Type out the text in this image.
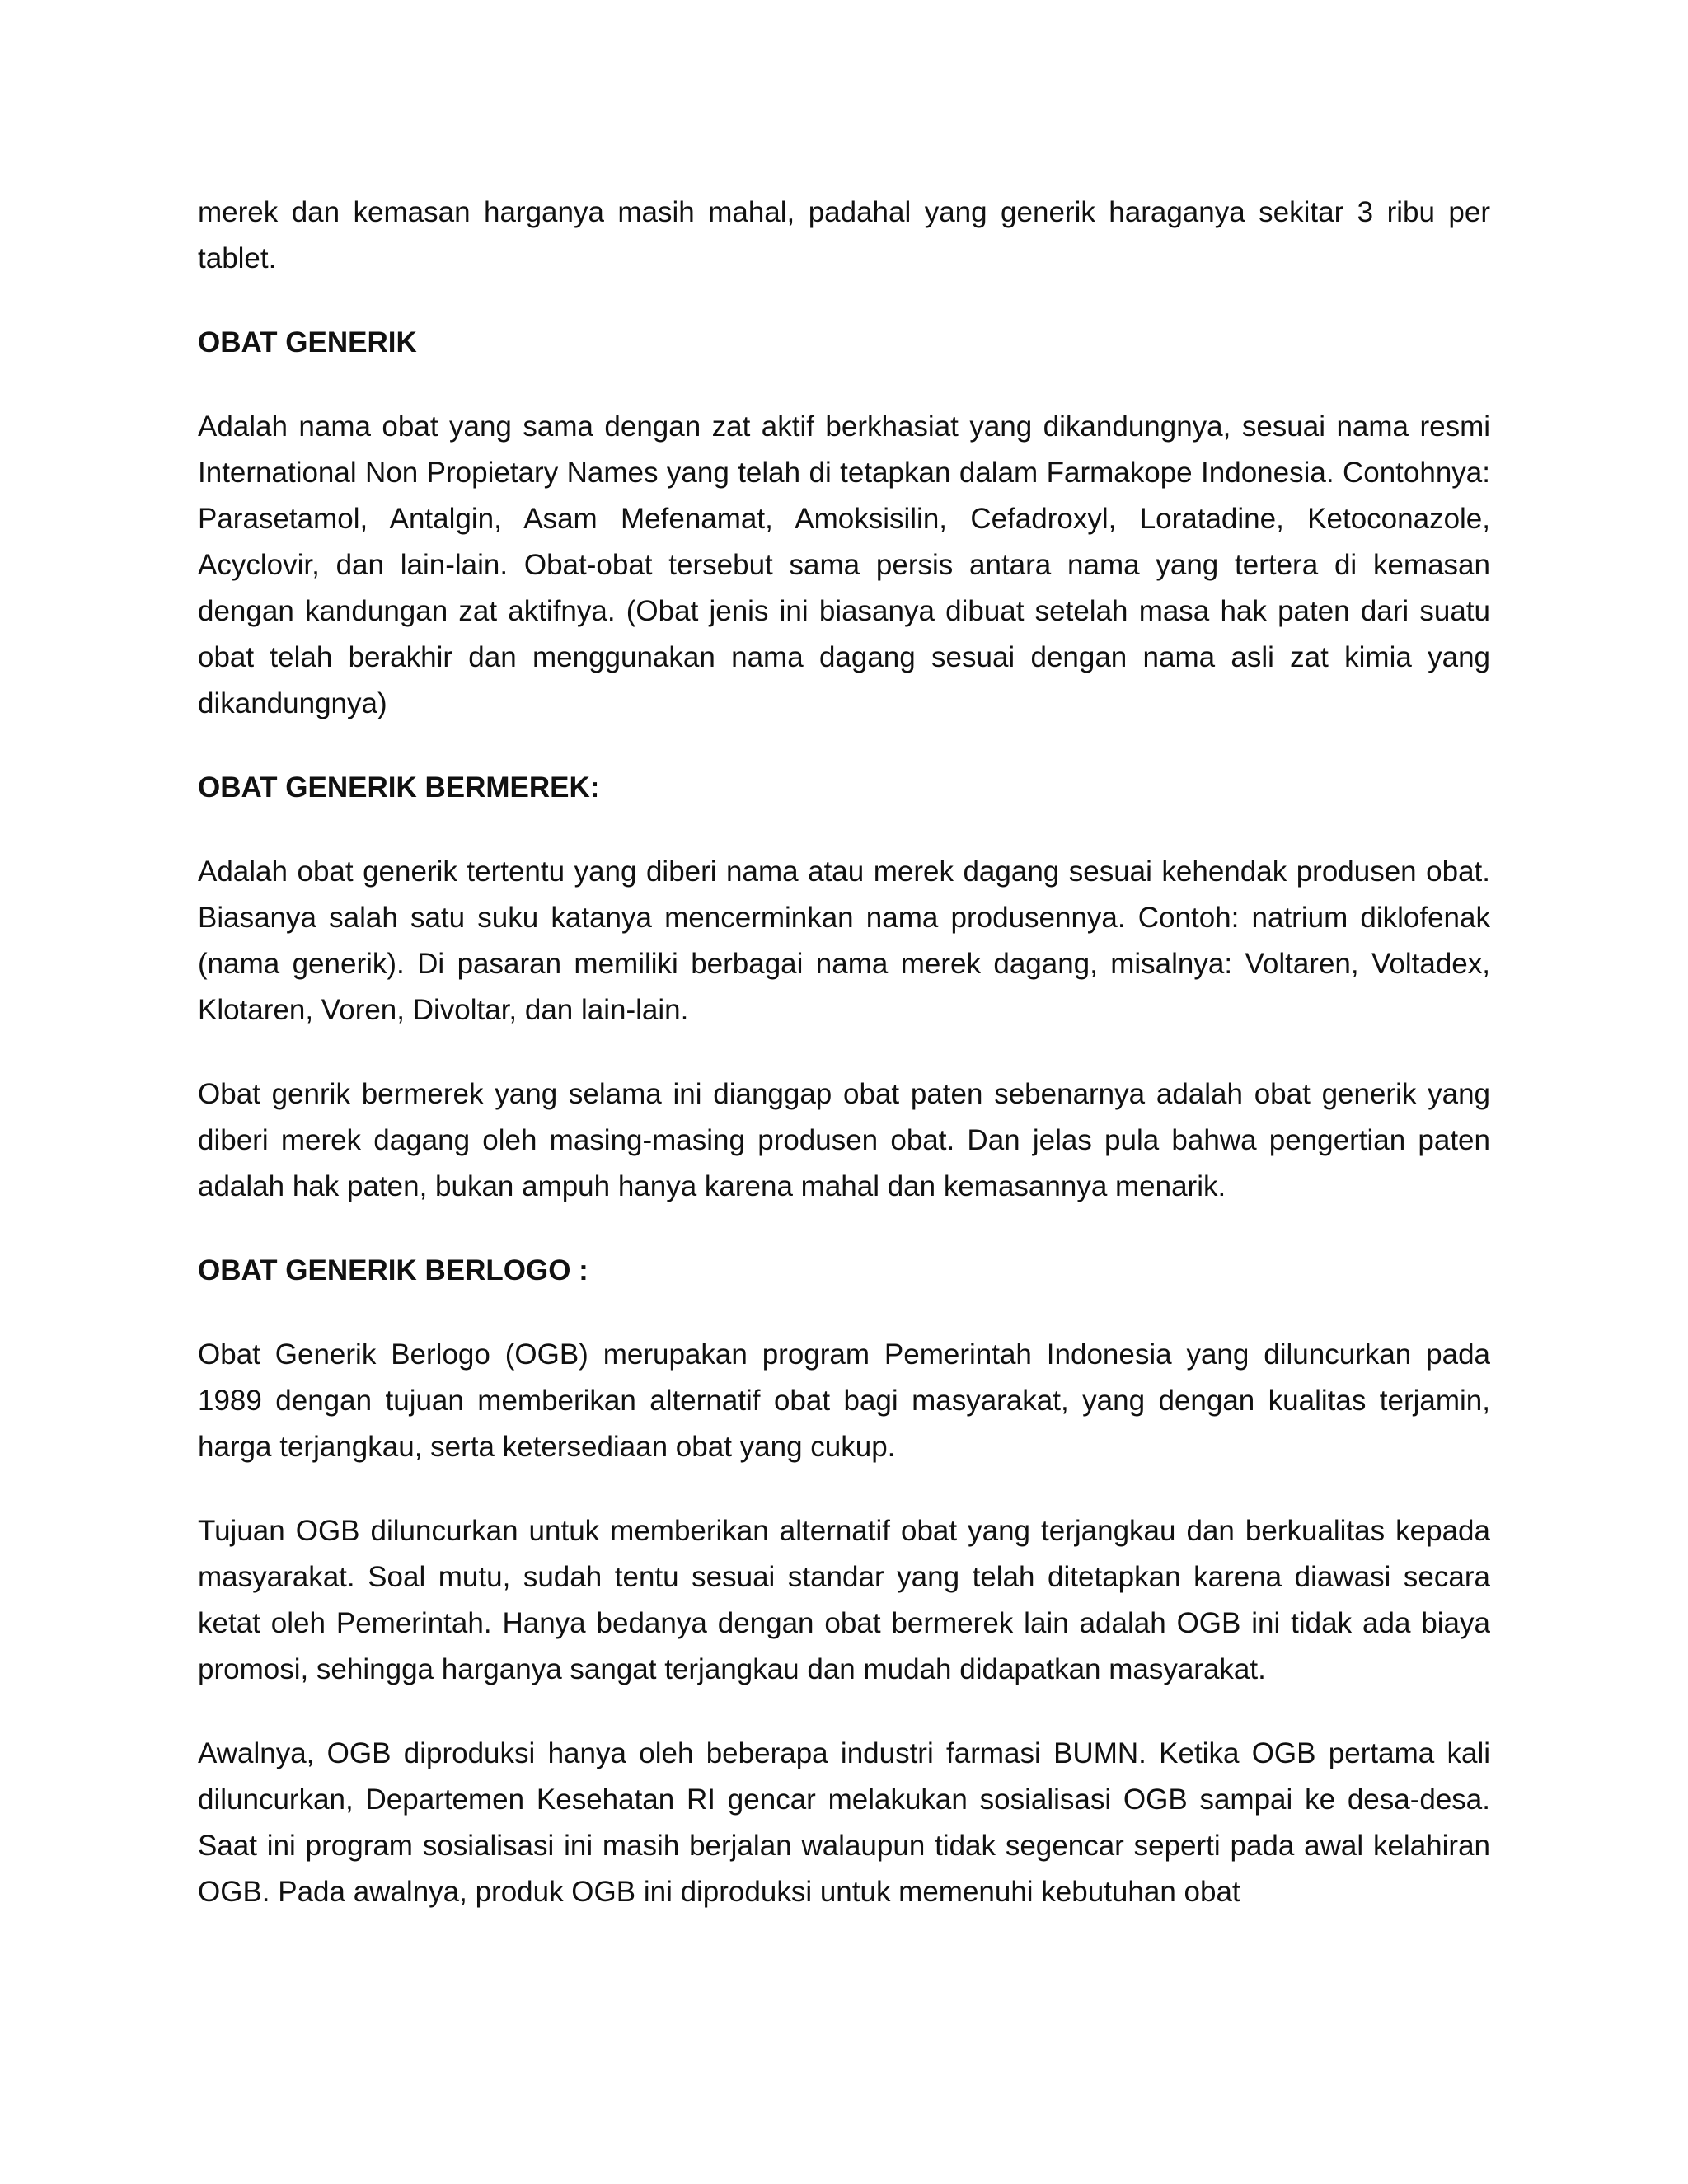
merek dan kemasan harganya masih mahal, padahal yang generik haraganya sekitar 3 ribu per tablet.

OBAT GENERIK

Adalah nama obat yang sama dengan zat aktif berkhasiat yang dikandungnya, sesuai nama resmi International Non Propietary Names yang telah di tetapkan dalam Farmakope Indonesia. Contohnya: Parasetamol, Antalgin, Asam Mefenamat, Amoksisilin, Cefadroxyl, Loratadine, Ketoconazole, Acyclovir, dan lain-lain. Obat-obat tersebut sama persis antara nama yang tertera di kemasan dengan kandungan zat aktifnya. (Obat jenis ini biasanya dibuat setelah masa hak paten dari suatu obat telah berakhir dan menggunakan nama dagang sesuai dengan nama asli zat kimia yang dikandungnya)

OBAT GENERIK BERMEREK:

Adalah obat generik tertentu yang diberi nama atau merek dagang sesuai kehendak produsen obat. Biasanya salah satu suku katanya mencerminkan nama produsennya. Contoh: natrium diklofenak (nama generik). Di pasaran memiliki berbagai nama merek dagang, misalnya: Voltaren, Voltadex, Klotaren, Voren, Divoltar, dan lain-lain.

Obat genrik bermerek yang selama ini dianggap obat paten sebenarnya adalah obat generik yang diberi merek dagang oleh masing-masing produsen obat. Dan jelas pula bahwa pengertian paten adalah hak paten, bukan ampuh hanya karena mahal dan kemasannya menarik.

OBAT GENERIK BERLOGO :

Obat Generik Berlogo (OGB) merupakan program Pemerintah Indonesia yang diluncurkan pada 1989 dengan tujuan memberikan alternatif obat bagi masyarakat, yang dengan kualitas terjamin, harga terjangkau, serta ketersediaan obat yang cukup.

Tujuan OGB diluncurkan untuk memberikan alternatif obat yang terjangkau dan berkualitas kepada masyarakat. Soal mutu, sudah tentu sesuai standar yang telah ditetapkan karena diawasi secara ketat oleh Pemerintah. Hanya bedanya dengan obat bermerek lain adalah OGB ini tidak ada biaya promosi, sehingga harganya sangat terjangkau dan mudah didapatkan masyarakat.

Awalnya, OGB diproduksi hanya oleh beberapa industri farmasi BUMN. Ketika OGB pertama kali diluncurkan, Departemen Kesehatan RI gencar melakukan sosialisasi OGB sampai ke desa-desa. Saat ini program sosialisasi ini masih berjalan walaupun tidak segencar seperti pada awal kelahiran OGB. Pada awalnya, produk OGB ini diproduksi untuk memenuhi kebutuhan obat
